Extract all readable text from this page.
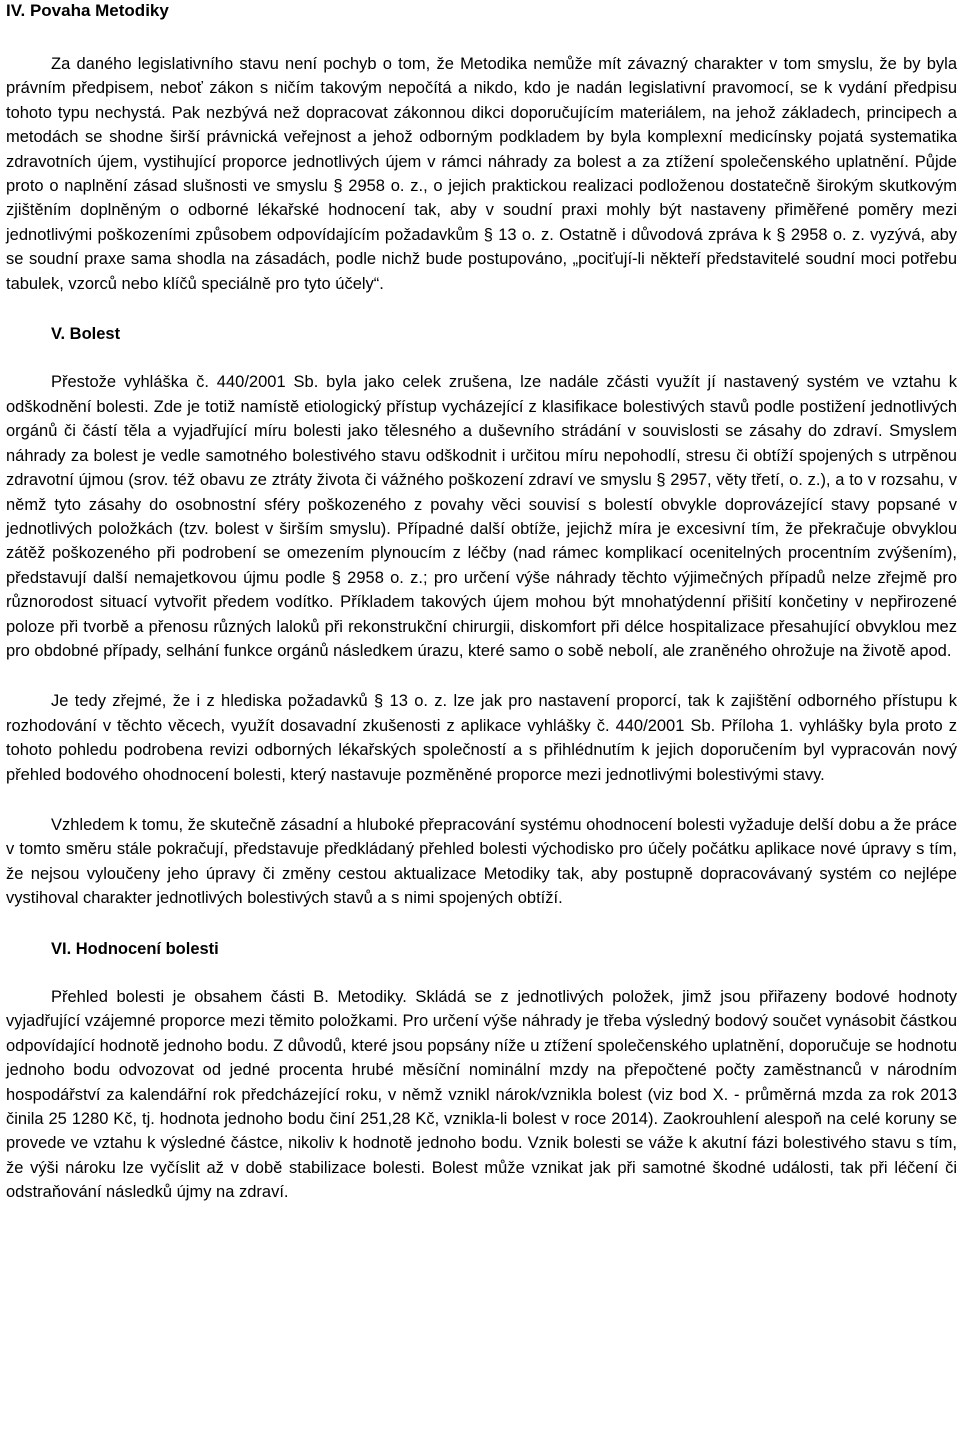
IV. Povaha Metodiky

Za daného legislativního stavu není pochyb o tom, že Metodika nemůže mít závazný charakter v tom smyslu, že by byla právním předpisem, neboť zákon s ničím takovým nepočítá a nikdo, kdo je nadán legislativní pravomocí, se k vydání předpisu tohoto typu nechystá. Pak nezbývá než dopracovat zákonnou dikci doporučujícím materiálem, na jehož základech, principech a metodách se shodne širší právnická veřejnost a jehož odborným podkladem by byla komplexní medicínsky pojatá systematika zdravotních újem, vystihující proporce jednotlivých újem v rámci náhrady za bolest a za ztížení společenského uplatnění. Půjde proto o naplnění zásad slušnosti ve smyslu § 2958 o. z., o jejich praktickou realizaci podloženou dostatečně širokým skutkovým zjištěním doplněným o odborné lékařské hodnocení tak, aby v soudní praxi mohly být nastaveny přiměřené poměry mezi jednotlivými poškozeními způsobem odpovídajícím požadavkům § 13 o. z. Ostatně i důvodová zpráva k § 2958 o. z. vyzývá, aby se soudní praxe sama shodla na zásadách, podle nichž bude postupováno, „pociťují-li někteří představitelé soudní moci potřebu tabulek, vzorců nebo klíčů speciálně pro tyto účely“.

V. Bolest

Přestože vyhláška č. 440/2001 Sb. byla jako celek zrušena, lze nadále zčásti využít jí nastavený systém ve vztahu k odškodnění bolesti. Zde je totiž namístě etiologický přístup vycházející z klasifikace bolestivých stavů podle postižení jednotlivých orgánů či částí těla a vyjadřující míru bolesti jako tělesného a duševního strádání v souvislosti se zásahy do zdraví. Smyslem náhrady za bolest je vedle samotného bolestivého stavu odškodnit i určitou míru nepohodlí, stresu či obtíží spojených s utrpěnou zdravotní újmou (srov. též obavu ze ztráty života či vážného poškození zdraví ve smyslu § 2957, věty třetí, o. z.), a to v rozsahu, v němž tyto zásahy do osobnostní sféry poškozeného z povahy věci souvisí s bolestí obvykle doprovázející stavy popsané v jednotlivých položkách (tzv. bolest v širším smyslu). Případné další obtíže, jejichž míra je excesivní tím, že překračuje obvyklou zátěž poškozeného při podrobení se omezením plynoucím z léčby (nad rámec komplikací ocenitelných procentním zvýšením), představují další nemajetkovou újmu podle § 2958 o. z.; pro určení výše náhrady těchto výjimečných případů nelze zřejmě pro různorodost situací vytvořit předem vodítko. Příkladem takových újem mohou být mnohatýdenní přišití končetiny v nepřirozené poloze při tvorbě a přenosu různých laloků při rekonstrukční chirurgii, diskomfort při délce hospitalizace přesahující obvyklou mez pro obdobné případy, selhání funkce orgánů následkem úrazu, které samo o sobě nebolí, ale zraněného ohrožuje na životě apod.

Je tedy zřejmé, že i z hlediska požadavků § 13 o. z. lze jak pro nastavení proporcí, tak k zajištění odborného přístupu k rozhodování v těchto věcech, využít dosavadní zkušenosti z aplikace vyhlášky č. 440/2001 Sb. Příloha 1. vyhlášky byla proto z tohoto pohledu podrobena revizi odborných lékařských společností a s přihlédnutím k jejich doporučením byl vypracován nový přehled bodového ohodnocení bolesti, který nastavuje pozměněné proporce mezi jednotlivými bolestivými stavy.

Vzhledem k tomu, že skutečně zásadní a hluboké přepracování systému ohodnocení bolesti vyžaduje delší dobu a že práce v tomto směru stále pokračují, představuje předkládaný přehled bolesti východisko pro účely počátku aplikace nové úpravy s tím, že nejsou vyloučeny jeho úpravy či změny cestou aktualizace Metodiky tak, aby postupně dopracovávaný systém co nejlépe vystihoval charakter jednotlivých bolestivých stavů a s nimi spojených obtíží.

VI. Hodnocení bolesti

Přehled bolesti je obsahem části B. Metodiky. Skládá se z jednotlivých položek, jimž jsou přiřazeny bodové hodnoty vyjadřující vzájemné proporce mezi těmito položkami. Pro určení výše náhrady je třeba výsledný bodový součet vynásobit částkou odpovídající hodnotě jednoho bodu. Z důvodů, které jsou popsány níže u ztížení společenského uplatnění, doporučuje se hodnotu jednoho bodu odvozovat od jedné procenta hrubé měsíční nominální mzdy na přepočtené počty zaměstnanců v národním hospodářství za kalendářní rok předcházející roku, v němž vznikl nárok/vznikla bolest (viz bod X. - průměrná mzda za rok 2013 činila 25 1280 Kč, tj. hodnota jednoho bodu činí 251,28 Kč, vznikla-li bolest v roce 2014). Zaokrouhlení alespoň na celé koruny se provede ve vztahu k výsledné částce, nikoliv k hodnotě jednoho bodu. Vznik bolesti se váže k akutní fázi bolestivého stavu s tím, že výši nároku lze vyčíslit až v době stabilizace bolesti. Bolest může vznikat jak při samotné škodné události, tak při léčení či odstraňování následků újmy na zdraví.
